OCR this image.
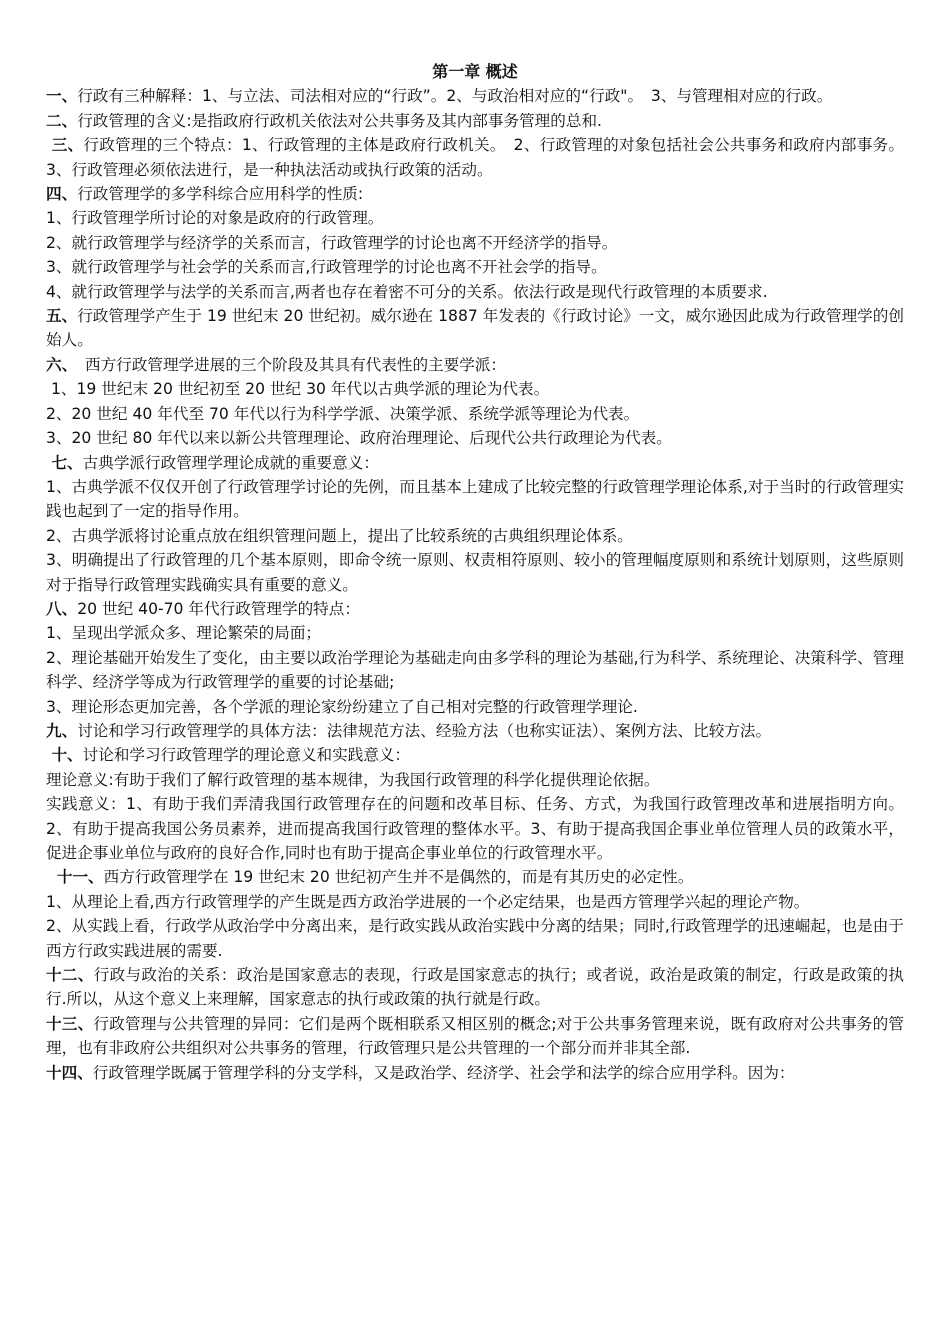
第一章 概述
一、行政有三种解释：1、与立法、司法相对应的“行政”。2、与政治相对应的“行政"。　3、与管理相对应的行政。
二、行政管理的含义:是指政府行政机关依法对公共事务及其内部事务管理的总和.
三、行政管理的三个特点：1、行政管理的主体是政府行政机关。　2、行政管理的对象包括社会公共事务和政府内部事务。3、行政管理必须依法进行，是一种执法活动或执行政策的活动。
四、行政管理学的多学科综合应用科学的性质:
1、行政管理学所讨论的对象是政府的行政管理。
2、就行政管理学与经济学的关系而言，行政管理学的讨论也离不开经济学的指导。
3、就行政管理学与社会学的关系而言,行政管理学的讨论也离不开社会学的指导。
4、就行政管理学与法学的关系而言,两者也存在着密不可分的关系。依法行政是现代行政管理的本质要求.
五、行政管理学产生于 19 世纪末 20 世纪初。威尔逊在 1887 年发表的《行政讨论》一文，威尔逊因此成为行政管理学的创始人。
六、　西方行政管理学进展的三个阶段及其具有代表性的主要学派：
1、19 世纪末 20 世纪初至 20 世纪 30 年代以古典学派的理论为代表。
2、20 世纪 40 年代至 70 年代以行为科学学派、决策学派、系统学派等理论为代表。
3、20 世纪 80 年代以来以新公共管理理论、政府治理理论、后现代公共行政理论为代表。
七、古典学派行政管理学理论成就的重要意义：
1、古典学派不仅仅开创了行政管理学讨论的先例，而且基本上建成了比较完整的行政管理学理论体系,对于当时的行政管理实践也起到了一定的指导作用。
2、古典学派将讨论重点放在组织管理问题上，提出了比较系统的古典组织理论体系。
3、明确提出了行政管理的几个基本原则，即命令统一原则、权责相符原则、较小的管理幅度原则和系统计划原则，这些原则对于指导行政管理实践确实具有重要的意义。
八、20 世纪 40-70 年代行政管理学的特点：
1、呈现出学派众多、理论繁荣的局面；
2、理论基础开始发生了变化，由主要以政治学理论为基础走向由多学科的理论为基础,行为科学、系统理论、决策科学、管理科学、经济学等成为行政管理学的重要的讨论基础;
3、理论形态更加完善，各个学派的理论家纷纷建立了自己相对完整的行政管理学理论.
九、讨论和学习行政管理学的具体方法：法律规范方法、经验方法（也称实证法）、案例方法、比较方法。
十、讨论和学习行政管理学的理论意义和实践意义：
理论意义:有助于我们了解行政管理的基本规律，为我国行政管理的科学化提供理论依据。
实践意义：1、有助于我们弄清我国行政管理存在的问题和改革目标、任务、方式，为我国行政管理改革和进展指明方向。2、有助于提高我国公务员素养，进而提高我国行政管理的整体水平。3、有助于提高我国企事业单位管理人员的政策水平，促进企事业单位与政府的良好合作,同时也有助于提高企事业单位的行政管理水平。
十一、西方行政管理学在 19 世纪末 20 世纪初产生并不是偶然的，而是有其历史的必定性。
1、从理论上看,西方行政管理学的产生既是西方政治学进展的一个必定结果，也是西方管理学兴起的理论产物。
2、从实践上看，行政学从政治学中分离出来，是行政实践从政治实践中分离的结果；同时,行政管理学的迅速崛起，也是由于　西方行政实践进展的需要.
十二、行政与政治的关系：政治是国家意志的表现，行政是国家意志的执行；或者说，政治是政策的制定，行政是政策的执行.所以，从这个意义上来理解，国家意志的执行或政策的执行就是行政。
十三、行政管理与公共管理的异同：它们是两个既相联系又相区别的概念;对于公共事务管理来说，既有政府对公共事务的管理，也有非政府公共组织对公共事务的管理，行政管理只是公共管理的一个部分而并非其全部.
十四、行政管理学既属于管理学科的分支学科，又是政治学、经济学、社会学和法学的综合应用学科。因为：
